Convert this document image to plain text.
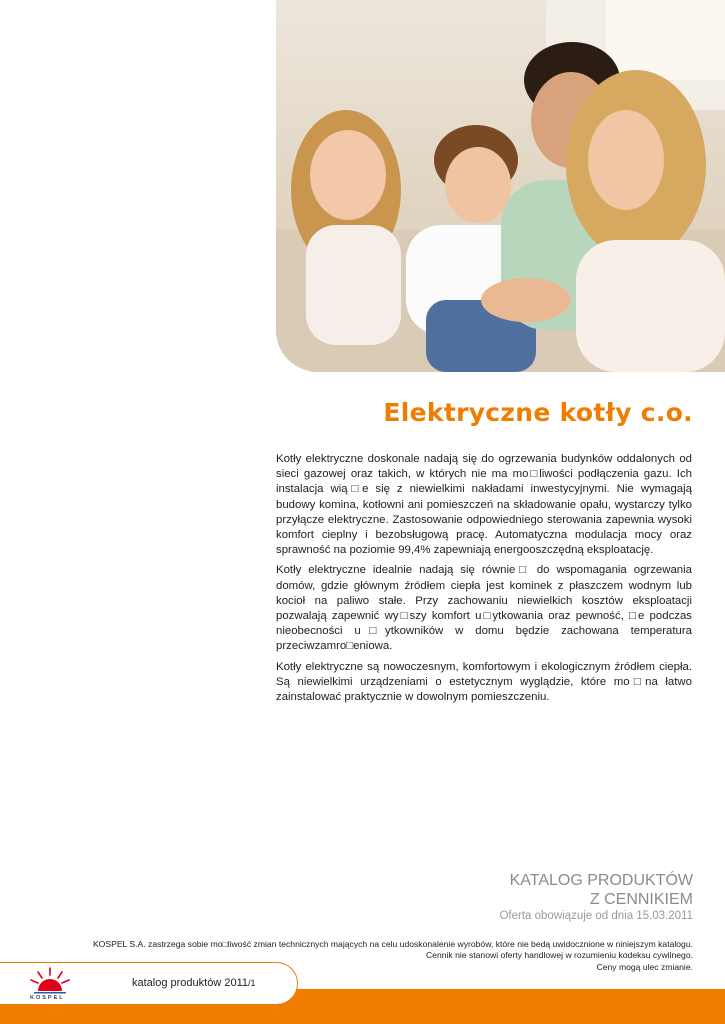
Elektryczne kotły c.o.

Kotły elektryczne doskonale nadają się do ogrzewania budynków oddalonych od sieci gazowej oraz takich, w których nie ma mo□liwości podłączenia gazu. Ich instalacja wią□e się z niewielkimi nakładami inwestycyjnymi. Nie wymagają budowy komina, kotłowni ani pomieszczeń na składowanie opału, wystarczy tylko przyłącze elektryczne. Zastosowanie odpowiedniego sterowania zapewnia wysoki komfort cieplny i bezobsługową pracę. Automatyczna modulacja mocy oraz sprawność na poziomie 99,4% zapewniają energooszczędną eksploatację.

Kotły elektryczne idealnie nadają się równie□ do wspomagania ogrzewania domów, gdzie głównym źródłem ciepła jest kominek z płaszczem wodnym lub kocioł na paliwo stałe. Przy zachowaniu niewielkich kosztów eksploatacji pozwalają zapewnić wy□szy komfort u□ytkowania oraz pewność, □e podczas nieobecności u□ytkowników w domu będzie zachowana temperatura przeciwzamro□eniowa.

Kotły elektryczne są nowoczesnym, komfortowym i ekologicznym źródłem ciepła. Są niewielkimi urządzeniami o estetycznym wyglądzie, które mo□na łatwo zainstalować praktycznie w dowolnym pomieszczeniu.

KATALOG PRODUKTÓW
Z CENNIKIEM
Oferta obowiązuje od dnia 15.03.2011
KOSPEL S.A. zastrzega sobie mo□liwość zmian technicznych mających na celu udoskonalenie wyrobów, które nie bedą uwidocznione w niniejszym katalogu.
Cennik nie stanowi oferty handlowej w rozumieniu kodeksu cywilnego.
Ceny mogą ulec zmianie.
katalog produktów 2011/1
KOSPEL
